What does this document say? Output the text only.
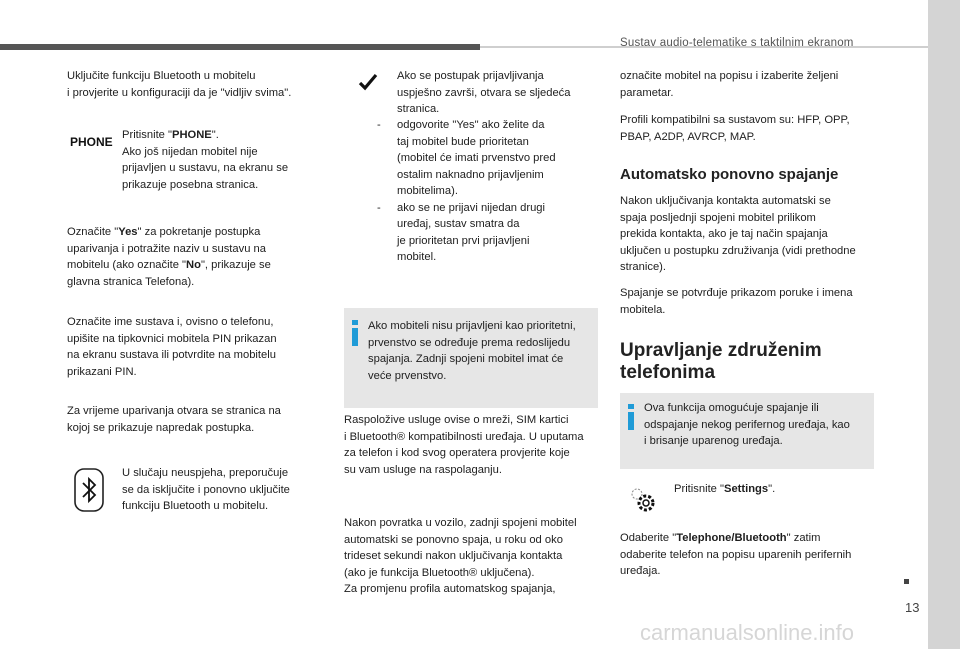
Sustav audio-telematike s taktilnim ekranom
Uključite funkciju Bluetooth u mobitelu
i provjerite u konfiguraciji da je "vidljiv svima".
PHONE Pritisnite "PHONE".
Ako još nijedan mobitel nije
prijavljen u sustavu, na ekranu se
prikazuje posebna stranica.
Označite "Yes" za pokretanje postupka
uparivanja i potražite naziv u sustavu na
mobitelu (ako označite "No", prikazuje se
glavna stranica Telefona).
Označite ime sustava i, ovisno o telefonu,
upišite na tipkovnici mobitela PIN prikazan
na ekranu sustava ili potvrdite na mobitelu
prikazani PIN.
Za vrijeme uparivanja otvara se stranica na
kojoj se prikazuje napredak postupka.
U slučaju neuspjeha, preporučuje
se da isključite i ponovno uključite
funkciju Bluetooth u mobitelu.
Ako se postupak prijavljivanja
uspješno završi, otvara se sljedeća
stranica.
- odgovorite "Yes" ako želite da
taj mobitel bude prioritetan
(mobitel će imati prvenstvo pred
ostalim naknadno prijavljenim
mobitelima).
- ako se ne prijavi nijedan drugi
uređaj, sustav smatra da
je prioritetan prvi prijavljeni
mobitel.
Ako mobiteli nisu prijavljeni kao prioritetni,
prvenstvo se određuje prema redoslijedu
spajanja. Zadnji spojeni mobitel imat će
veće prvenstvo.
Raspoložive usluge ovise o mreži, SIM kartici
i Bluetooth® kompatibilnosti uređaja. U uputama
za telefon i kod svog operatera provjerite koje
su vam usluge na raspolaganju.
Nakon povratka u vozilo, zadnji spojeni mobitel
automatski se ponovno spaja, u roku od oko
trideset sekundi nakon uključivanja kontakta
(ako je funkcija Bluetooth® uključena).
Za promjenu profila automatskog spajanja,
označite mobitel na popisu i izaberite željeni
parametar.
Profili kompatibilni sa sustavom su: HFP, OPP,
PBAP, A2DP, AVRCP, MAP.
Automatsko ponovno spajanje
Nakon uključivanja kontakta automatski se
spaja posljednji spojeni mobitel prilikom
prekida kontakta, ako je taj način spajanja
uključen u postupku združivanja (vidi prethodne
stranice).
Spajanje se potvrđuje prikazom poruke i imena
mobitela.
Upravljanje združenim
telefonima
Ova funkcija omogućuje spajanje ili
odspajanje nekog perifernog uređaja, kao
i brisanje uparenog uređaja.
Pritisnite "Settings".
Odaberite "Telephone/Bluetooth" zatim
odaberite telefon na popisu uparenih perifernih
uređaja.
13
carmanualsonline.info
